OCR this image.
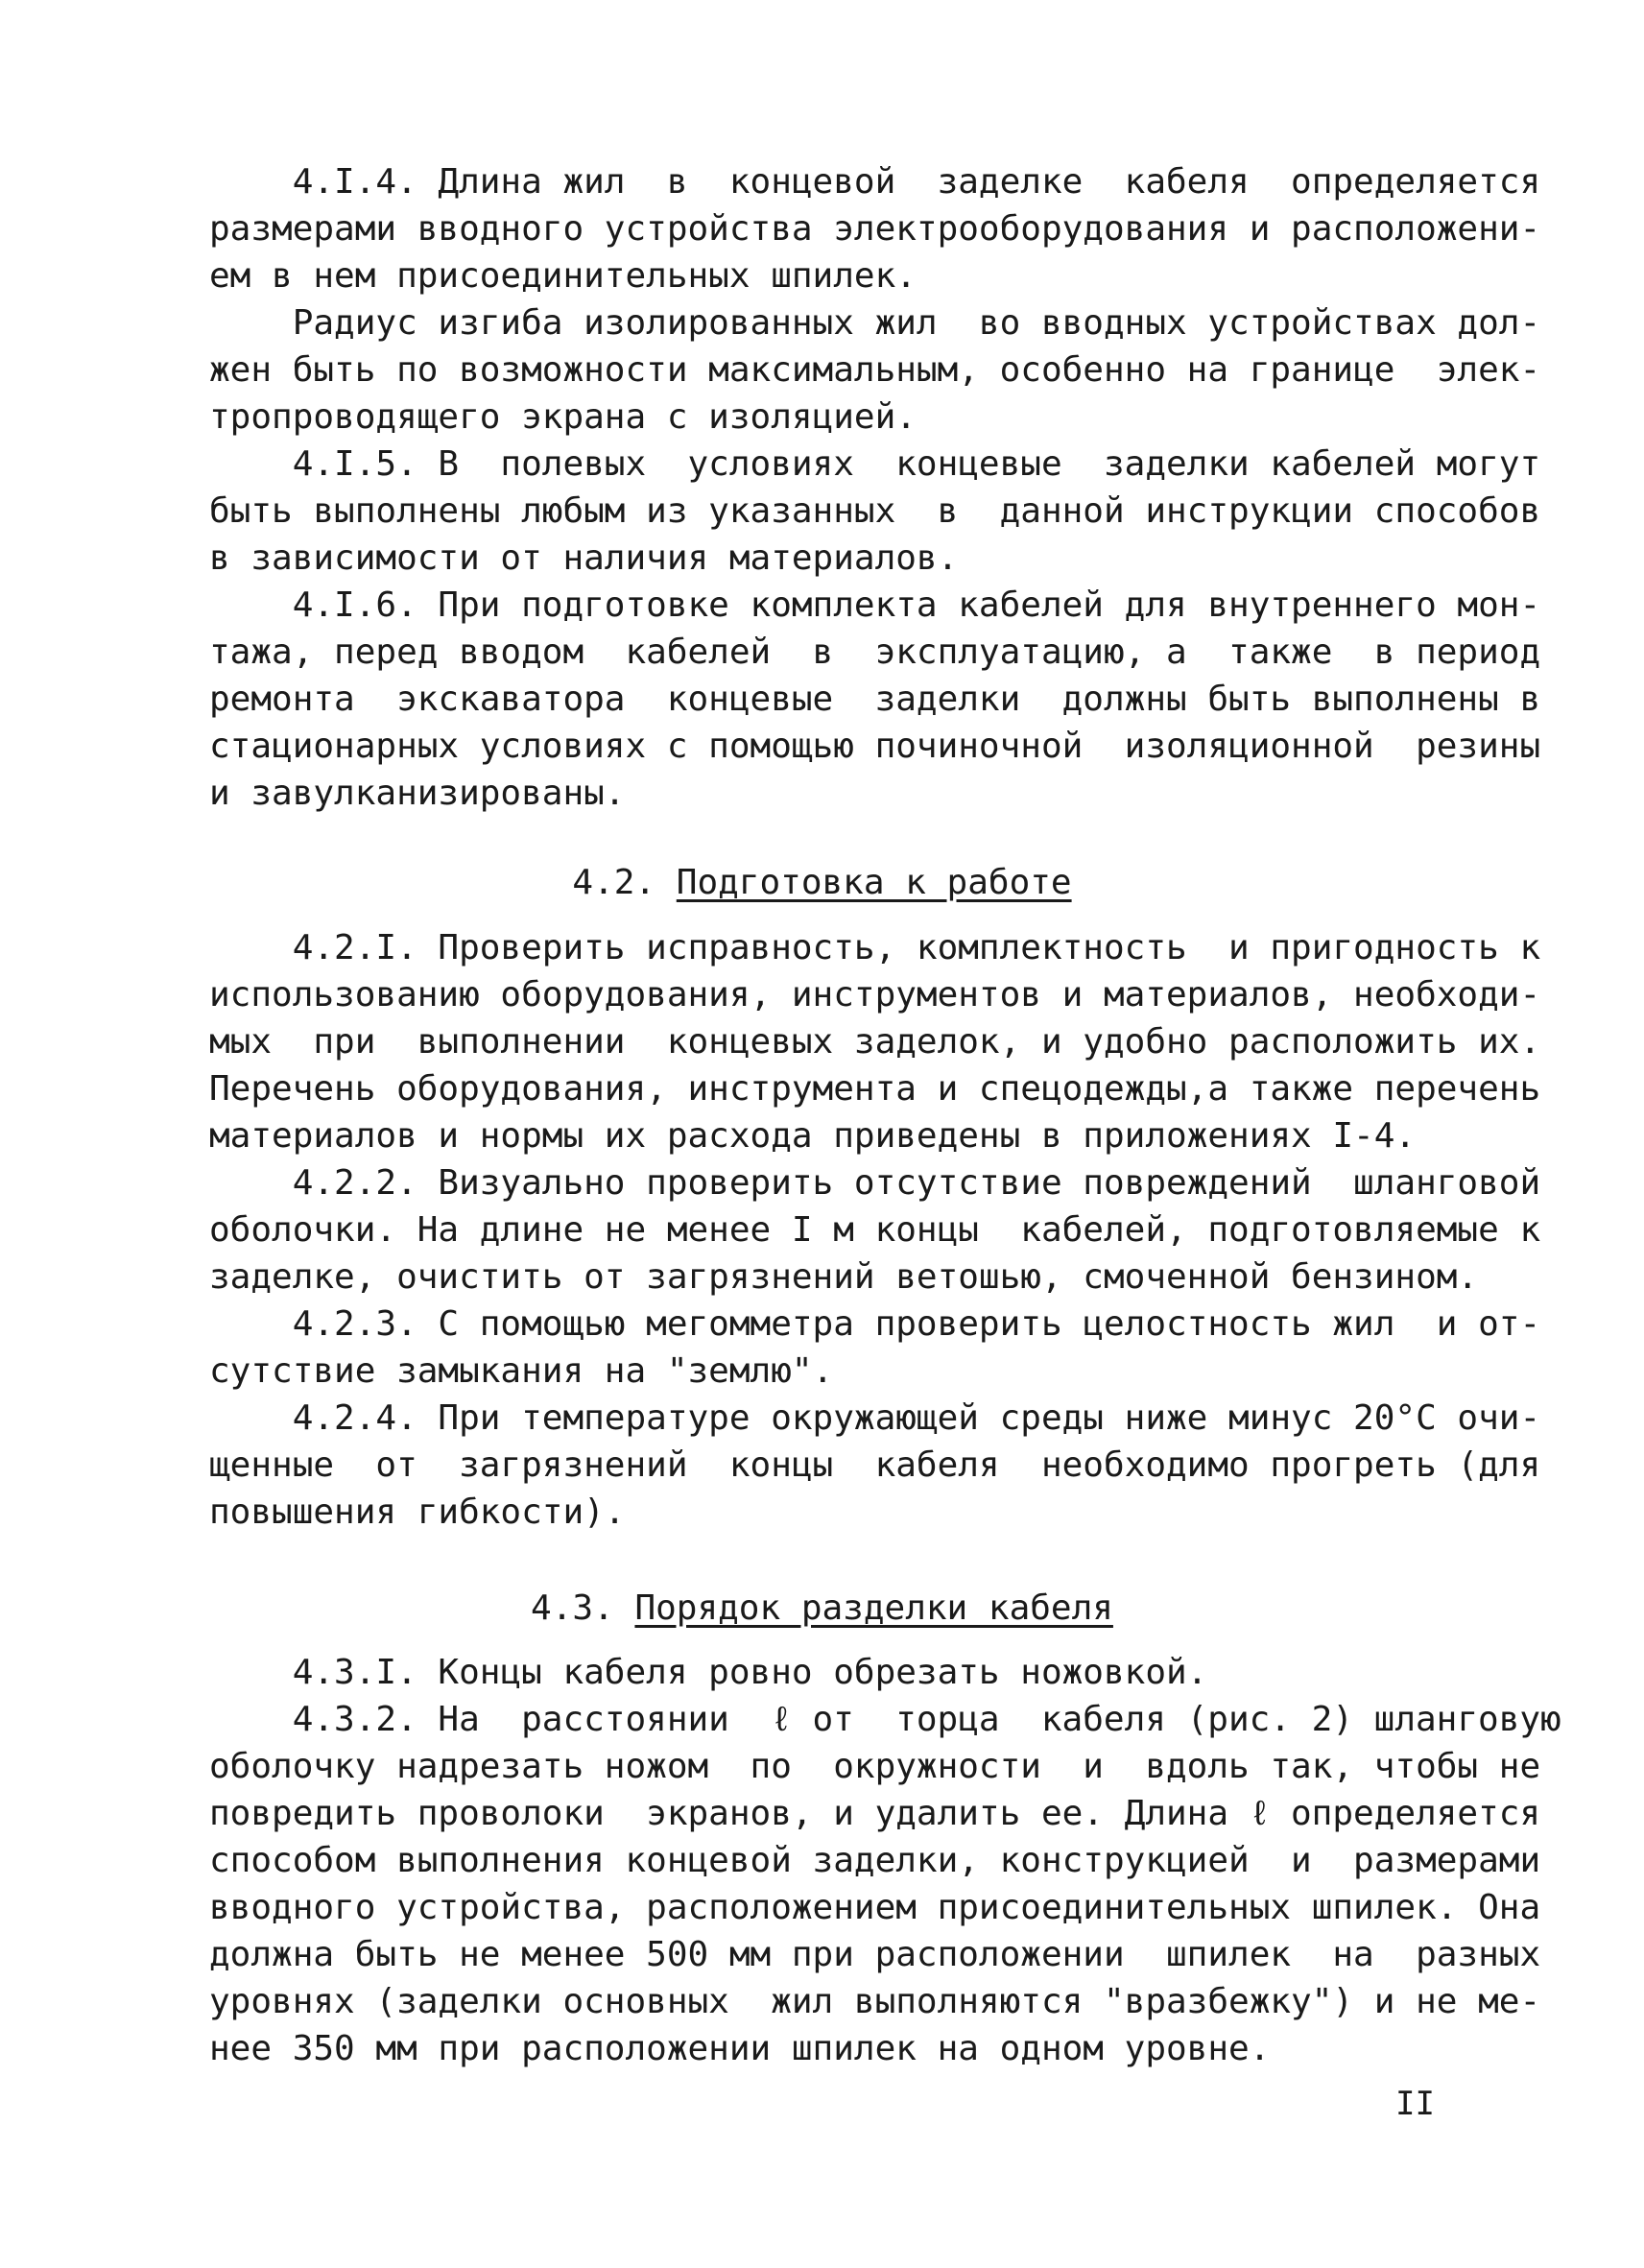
4.I.4. Длина жил  в  концевой  заделке  кабеля  определяется
размерами вводного устройства электрооборудования и расположени-
ем в нем присоединительных шпилек.
Радиус изгиба изолированных жил  во вводных устройствах дол-
жен быть по возможности максимальным, особенно на границе  элек-
тропроводящего экрана с изоляцией.
4.I.5. В  полевых  условиях  концевые  заделки кабелей могут
быть выполнены любым из указанных  в  данной инструкции способов
в зависимости от наличия материалов.
4.I.6. При подготовке комплекта кабелей для внутреннего мон-
тажа, перед вводом  кабелей  в  эксплуатацию, а  также  в период
ремонта  экскаватора  концевые  заделки  должны быть выполнены в
стационарных условиях с помощью починочной  изоляционной  резины
и завулканизированы.
4.2. Подготовка к работе
4.2.I. Проверить исправность, комплектность  и пригодность к
использованию оборудования, инструментов и материалов, необходи-
мых  при  выполнении  концевых заделок, и удобно расположить их.
Перечень оборудования, инструмента и спецодежды,а также перечень
материалов и нормы их расхода приведены в приложениях I-4.
4.2.2. Визуально проверить отсутствие повреждений  шланговой
оболочки. На длине не менее I м концы  кабелей, подготовляемые к
заделке, очистить от загрязнений ветошью, смоченной бензином.
4.2.3. С помощью мегомметра проверить целостность жил  и от-
сутствие замыкания на "землю".
4.2.4. При температуре окружающей среды ниже минус 20°С очи-
щенные  от  загрязнений  концы  кабеля  необходимо прогреть (для
повышения гибкости).
4.3. Порядок разделки кабеля
4.3.I. Концы кабеля ровно обрезать ножовкой.
4.3.2. На  расстоянии  ℓ от  торца  кабеля (рис. 2) шланговую
оболочку надрезать ножом  по  окружности  и  вдоль так, чтобы не
повредить проволоки  экранов, и удалить ее. Длина ℓ определяется
способом выполнения концевой заделки, конструкцией  и  размерами
вводного устройства, расположением присоединительных шпилек. Она
должна быть не менее 500 мм при расположении  шпилек  на  разных
уровнях (заделки основных  жил выполняются "вразбежку") и не ме-
нее 350 мм при расположении шпилек на одном уровне.
II
